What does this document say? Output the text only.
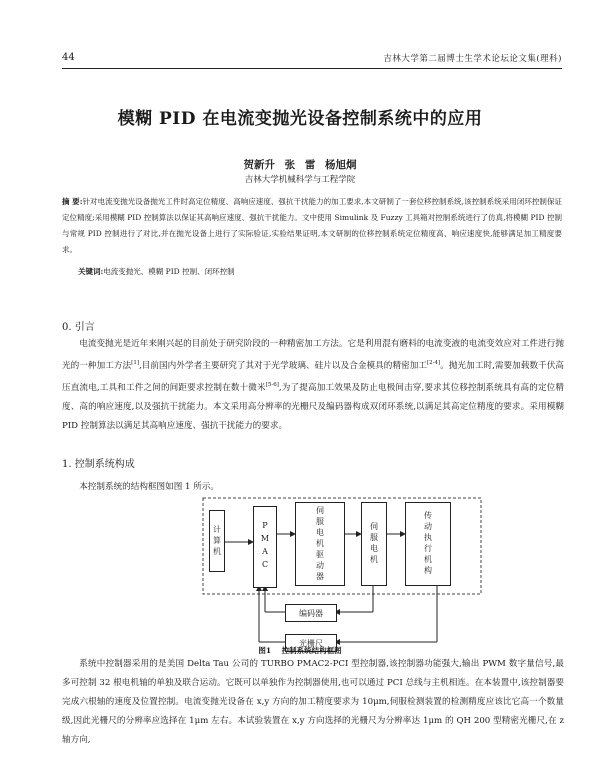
44	吉林大学第二届博士生学术论坛论文集(理科)
模糊 PID 在电流变抛光设备控制系统中的应用
贺新升 张 雷 杨旭炯
吉林大学机械科学与工程学院
摘 要:针对电流变抛光设备抛光工件时高定位精度、高响应速度、强抗干扰能力的加工要求,本文研制了一套位移控制系统,该控制系统采用闭环控制保证定位精度;采用模糊 PID 控制算法以保证其高响应速度、强抗干扰能力。文中使用 Simulink 及 Fuzzy 工具箱对控制系统进行了仿真,将模糊 PID 控制与常规 PID 控制进行了对比,并在抛光设备上进行了实际验证,实验结果证明,本文研制的位移控制系统定位精度高、响应速度快,能够满足加工精度要求。
关键词:电流变抛光、模糊 PID 控制、闭环控制
0. 引言
电流变抛光是近年来刚兴起的目前处于研究阶段的一种精密加工方法。它是利用混有磨料的电流变液的电流变效应对工件进行抛光的一种加工方法[1],目前国内外学者主要研究了其对于光学玻璃、硅片以及合金模具的精密加工[2-4]。抛光加工时,需要加载数千伏高压直流电,工具和工件之间的间距要求控制在数十微米[5-6],为了提高加工效果及防止电极间击穿,要求其位移控制系统具有高的定位精度、高的响应速度,以及强抗干扰能力。本文采用高分辨率的光栅尺及编码器构成双闭环系统,以满足其高定位精度的要求。采用模糊 PID 控制算法以满足其高响应速度、强抗干扰能力的要求。
1. 控制系统构成
本控制系统的结构框图如图 1 所示。
计算机	PMAC	伺服电机驱动器	伺服电机	传动执行机构
编码器
光栅尺
图1 控制系统结构框图
系统中控制器采用的是美国 Delta Tau 公司的 TURBO PMAC2-PCI 型控制器,该控制器功能强大,输出 PWM 数字量信号,最多可控制 32 根电机轴的单独及联合运动。它既可以单独作为控制器使用,也可以通过 PCI 总线与主机相连。在本装置中,该控制器要完成六根轴的速度及位置控制。电流变抛光设备在 x,y 方向的加工精度要求为 10μm,伺服检测装置的检测精度应该比它高一个数量级,因此光栅尺的分辨率应选择在 1μm 左右。本试验装置在 x,y 方向选择的光栅尺为分辨率达 1μm 的 QH 200 型精密光栅尺,在 z 轴方向,
